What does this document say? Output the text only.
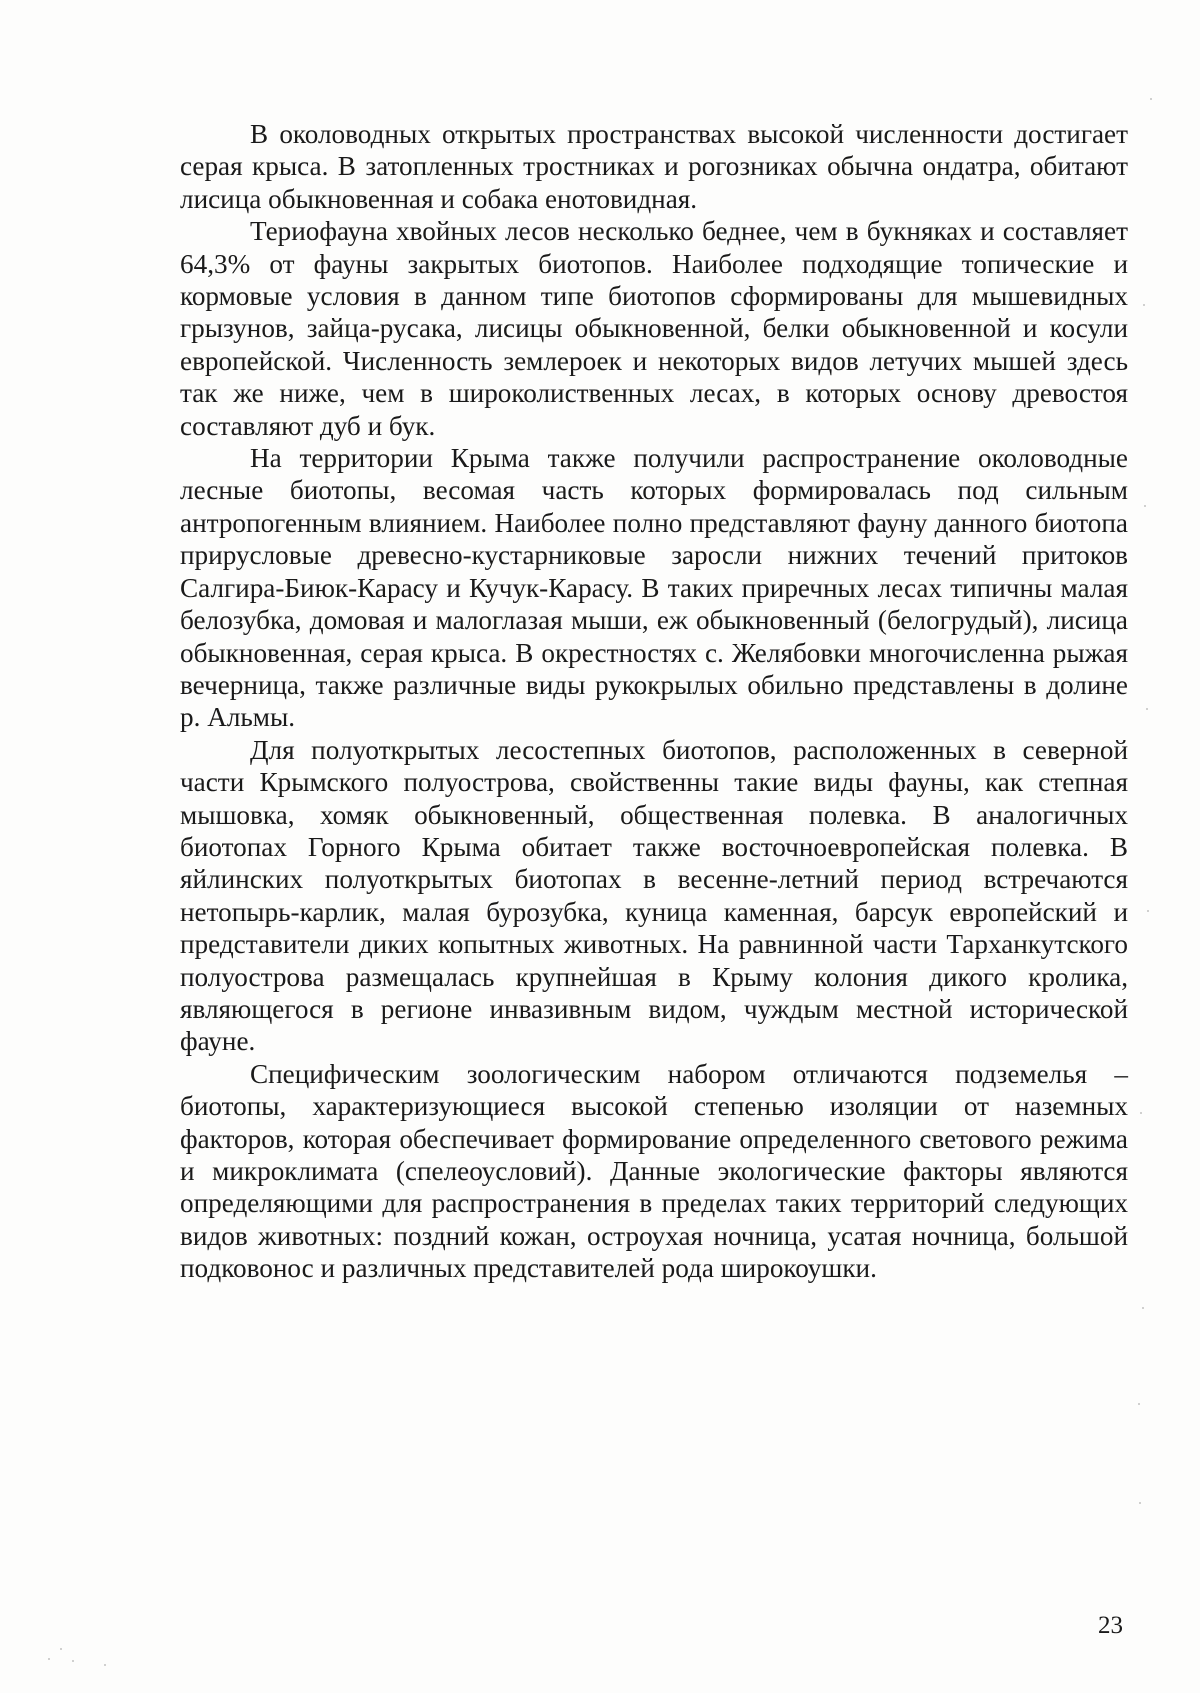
В околоводных открытых пространствах высокой численности достигает серая крыса. В затопленных тростниках и рогозниках обычна ондатра, обитают лисица обыкновенная и собака енотовидная.

Териофауна хвойных лесов несколько беднее, чем в букняках и составляет 64,3% от фауны закрытых биотопов. Наиболее подходящие топические и кормовые условия в данном типе биотопов сформированы для мышевидных грызунов, зайца-русака, лисицы обыкновенной, белки обыкновенной и косули европейской. Численность землероек и некоторых видов летучих мышей здесь так же ниже, чем в широколиственных лесах, в которых основу древостоя составляют дуб и бук.

На территории Крыма также получили распространение околоводные лесные биотопы, весомая часть которых формировалась под сильным антропогенным влиянием. Наиболее полно представляют фауну данного биотопа прирусловые древесно-кустарниковые заросли нижних течений притоков Салгира-Биюк-Карасу и Кучук-Карасу. В таких приречных лесах типичны малая белозубка, домовая и малоглазая мыши, еж обыкновенный (белогрудый), лисица обыкновенная, серая крыса. В окрестностях с. Желябовки многочисленна рыжая вечерница, также различные виды рукокрылых обильно представлены в долине р. Альмы.

Для полуоткрытых лесостепных биотопов, расположенных в северной части Крымского полуострова, свойственны такие виды фауны, как степная мышовка, хомяк обыкновенный, общественная полевка. В аналогичных биотопах Горного Крыма обитает также восточноевропейская полевка. В яйлинских полуоткрытых биотопах в весенне-летний период встречаются нетопырь-карлик, малая бурозубка, куница каменная, барсук европейский и представители диких копытных животных. На равнинной части Тарханкутского полуострова размещалась крупнейшая в Крыму колония дикого кролика, являющегося в регионе инвазивным видом, чуждым местной исторической фауне.

Специфическим зоологическим набором отличаются подземелья – биотопы, характеризующиеся высокой степенью изоляции от наземных факторов, которая обеспечивает формирование определенного светового режима и микроклимата (спелеоусловий). Данные экологические факторы являются определяющими для распространения в пределах таких территорий следующих видов животных: поздний кожан, остроухая ночница, усатая ночница, большой подковонос и различных представителей рода широкоушки.

23
